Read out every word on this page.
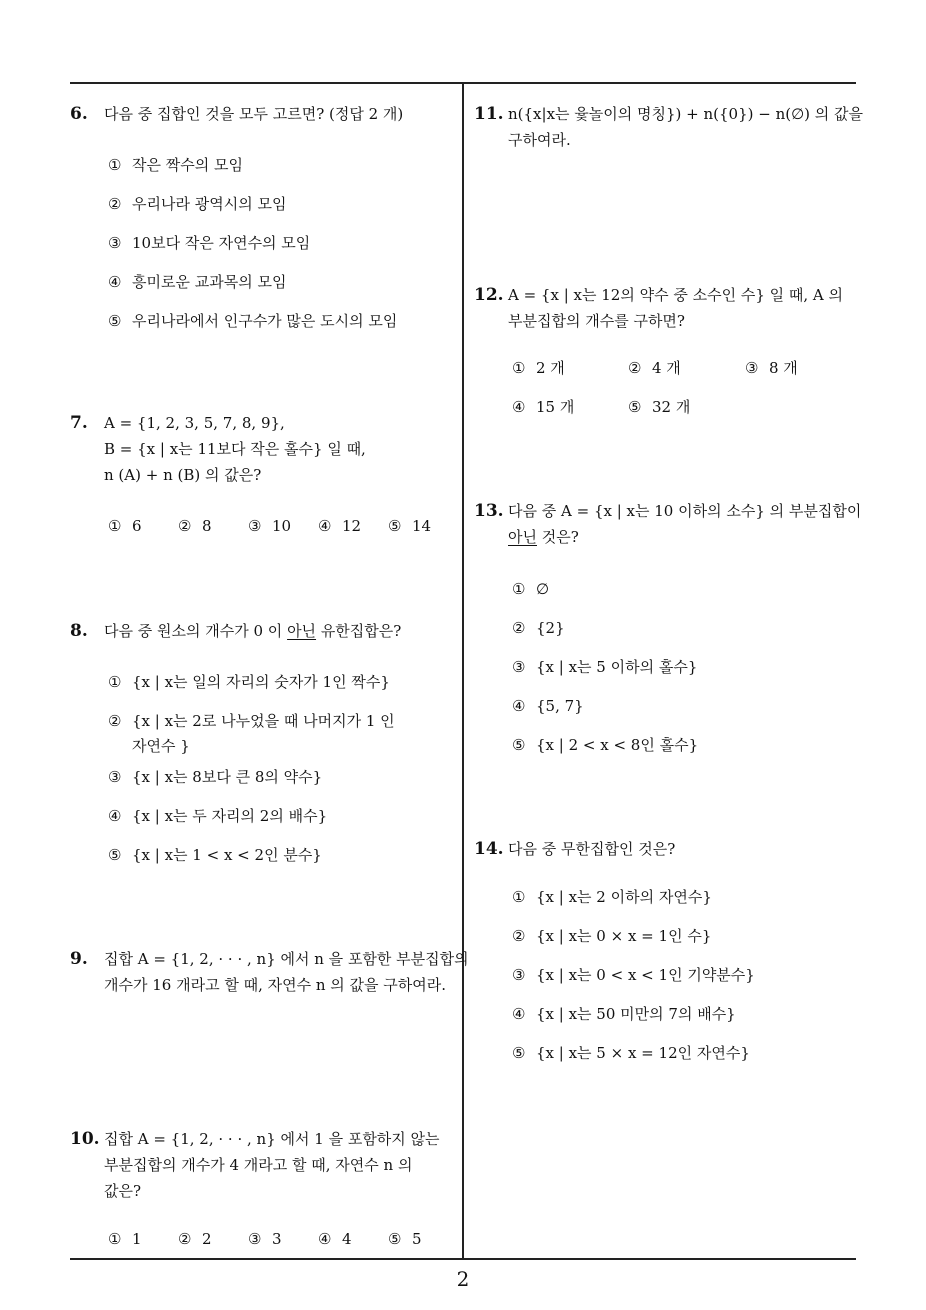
6.	다음 중 집합인 것을 모두 고르면? (정답 2 개)
① 작은 짝수의 모임
② 우리나라 광역시의 모임
③ 10보다 작은 자연수의 모임
④ 흥미로운 교과목의 모임
⑤ 우리나라에서 인구수가 많은 도시의 모임
7.	A = {1, 2, 3, 5, 7, 8, 9},
B = {x | x는 11보다 작은 홀수} 일 때,
n (A) + n (B) 의 값은?
① 6 ② 8 ③ 10 ④ 12 ⑤ 14
8.	다음 중 원소의 개수가 0 이 아닌 유한집합은?
① {x | x는 일의 자리의 숫자가 1인 짝수}
② {x | x는 2로 나누었을 때 나머지가 1 인
자연수 }
③ {x | x는 8보다 큰 8의 약수}
④ {x | x는 두 자리의 2의 배수}
⑤ {x | x는 1 < x < 2인 분수}
9.	집합 A = {1, 2, · · · , n} 에서 n 을 포함한 부분집합의
개수가 16 개라고 할 때, 자연수 n 의 값을 구하여라.
10. 집합 A = {1, 2, · · · , n} 에서 1 을 포함하지 않는
부분집합의 개수가 4 개라고 할 때, 자연수 n 의
값은?
① 1 ② 2 ③ 3 ④ 4 ⑤ 5
11. n({x|x는 윷놀이의 명칭}) + n({0}) − n(∅) 의 값을
구하여라.
12. A = {x | x는 12의 약수 중 소수인 수} 일 때, A 의
부분집합의 개수를 구하면?
① 2 개	② 4 개	③ 8 개
④ 15 개	⑤ 32 개
13. 다음 중 A = {x | x는 10 이하의 소수} 의 부분집합이
아닌 것은?
① ∅
② {2}
③ {x | x는 5 이하의 홀수}
④ {5, 7}
⑤ {x | 2 < x < 8인 홀수}
14. 다음 중 무한집합인 것은?
① {x | x는 2 이하의 자연수}
② {x | x는 0 × x = 1인 수}
③ {x | x는 0 < x < 1인 기약분수}
④ {x | x는 50 미만의 7의 배수}
⑤ {x | x는 5 × x = 12인 자연수}
2
